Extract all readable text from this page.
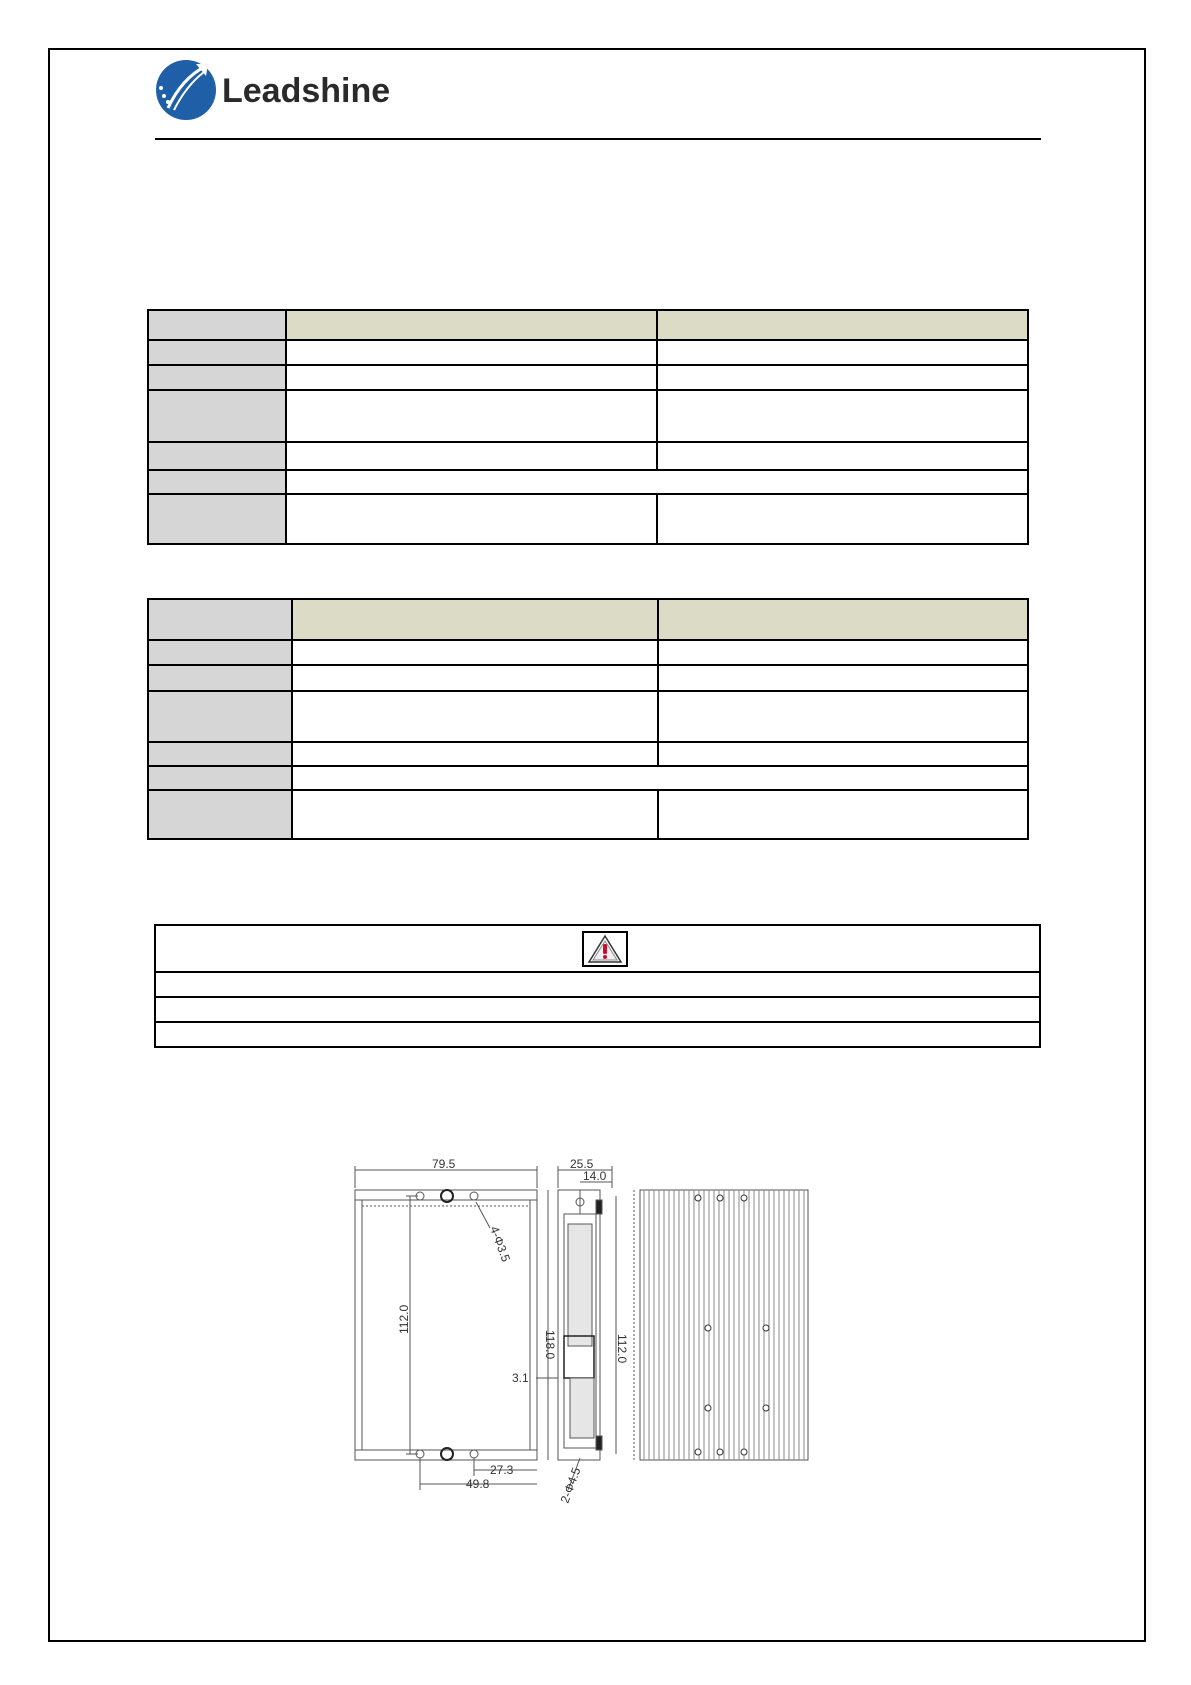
Leadshine

79.5
4-Φ3.5
112.0
27.3
49.8
25.5
14.0
118.0	112.0
3.1
2-Φ4.5
